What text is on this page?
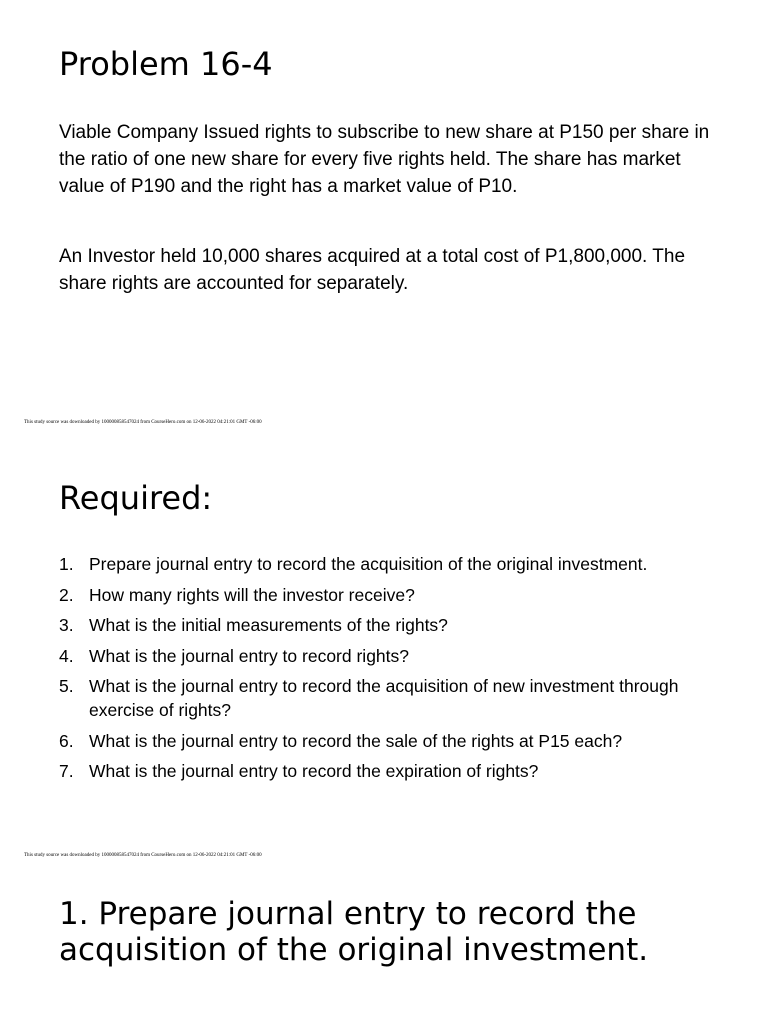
Problem 16-4

Viable Company Issued rights to subscribe to new share at P150 per share in the ratio of one new share for every five rights held. The share has market value of P190 and the right has a market value of P10.

An Investor held 10,000 shares acquired at a total cost of P1,800,000. The share rights are accounted for separately.

This study source was downloaded by 100000858547024 from CourseHero.com on 12-06-2022 04:21:01 GMT -06:00

Required:
1. Prepare journal entry to record the acquisition of the original investment.
2. How many rights will the investor receive?
3. What is the initial measurements of the rights?
4. What is the journal entry to record rights?
5. What is the journal entry to record the acquisition of new investment through exercise of rights?
6. What is the journal entry to record the sale of the rights at P15 each?
7. What is the journal entry to record the expiration of rights?

This study source was downloaded by 100000858547024 from CourseHero.com on 12-06-2022 04:21:01 GMT -06:00

1. Prepare journal entry to record the acquisition of the original investment.
